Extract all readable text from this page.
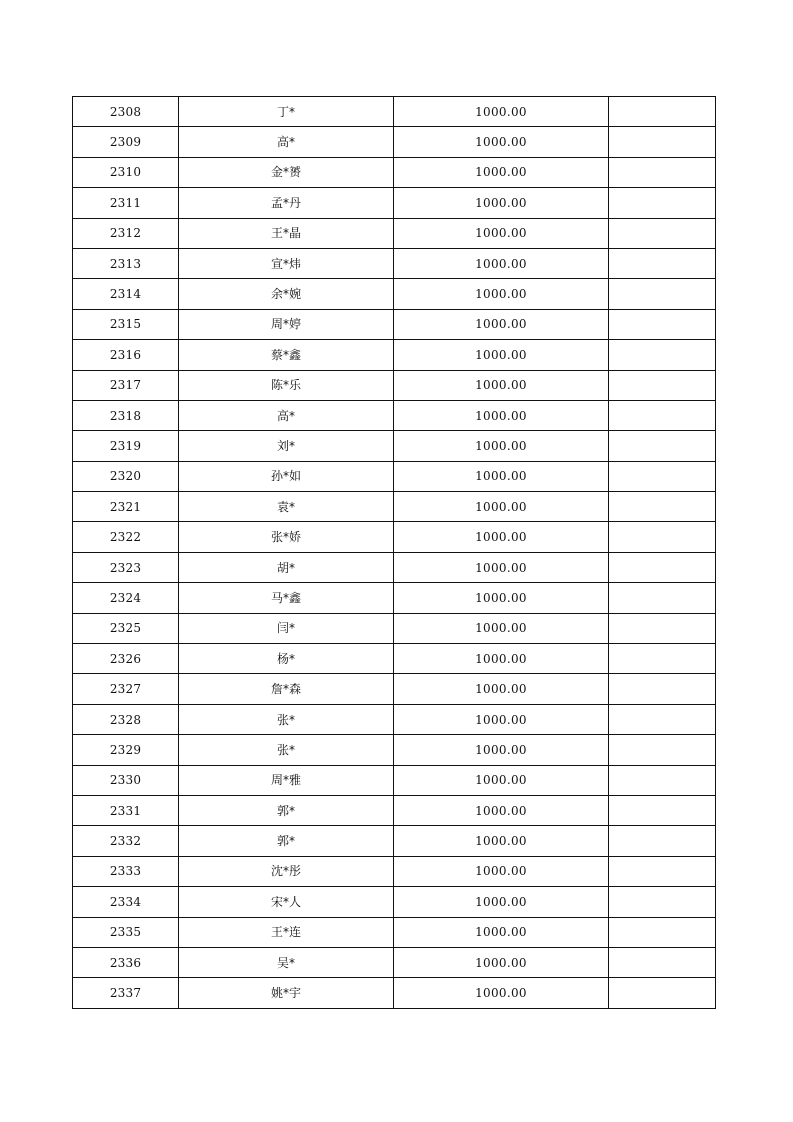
2308	丁*	1000.00	
2309	高*	1000.00	
2310	金*赟	1000.00	
2311	孟*丹	1000.00	
2312	王*晶	1000.00	
2313	宣*炜	1000.00	
2314	余*婉	1000.00	
2315	周*婷	1000.00	
2316	蔡*鑫	1000.00	
2317	陈*乐	1000.00	
2318	高*	1000.00	
2319	刘*	1000.00	
2320	孙*如	1000.00	
2321	袁*	1000.00	
2322	张*娇	1000.00	
2323	胡*	1000.00	
2324	马*鑫	1000.00	
2325	闫*	1000.00	
2326	杨*	1000.00	
2327	詹*森	1000.00	
2328	张*	1000.00	
2329	张*	1000.00	
2330	周*雅	1000.00	
2331	郭*	1000.00	
2332	郭*	1000.00	
2333	沈*彤	1000.00	
2334	宋*人	1000.00	
2335	王*连	1000.00	
2336	吴*	1000.00	
2337	姚*宇	1000.00	
